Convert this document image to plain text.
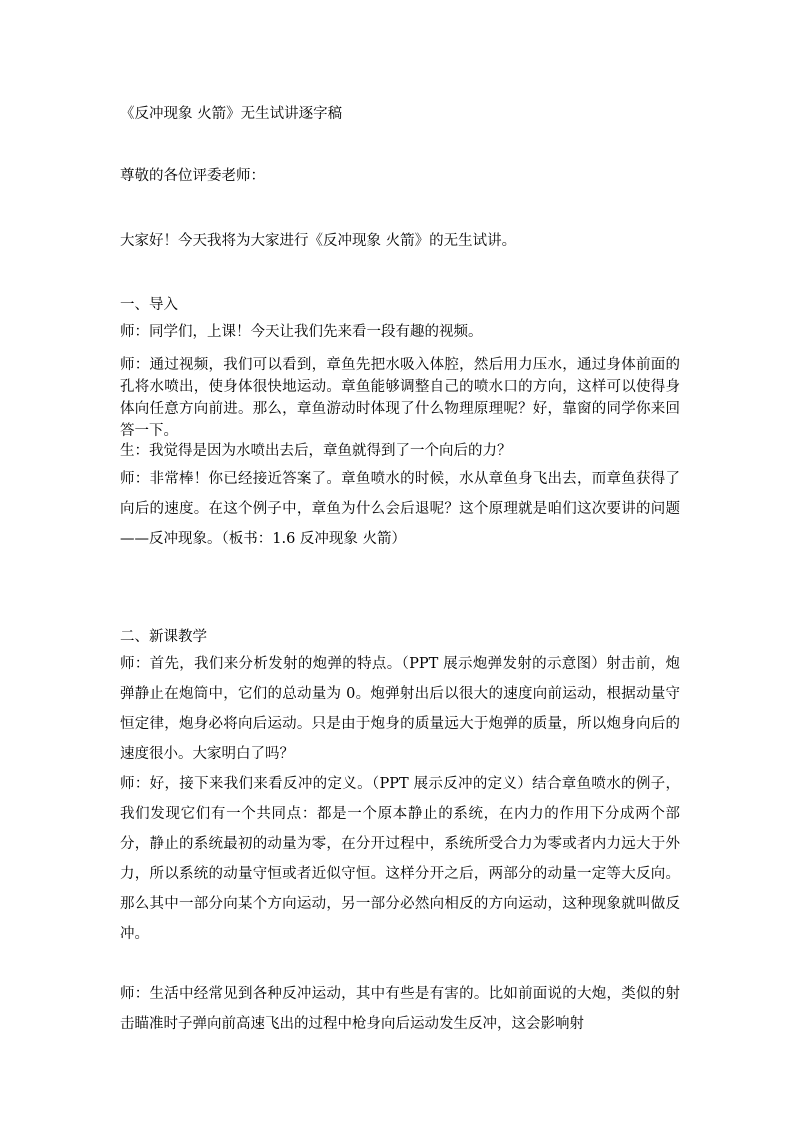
《反冲现象 火箭》无生试讲逐字稿
尊敬的各位评委老师：
大家好！今天我将为大家进行《反冲现象 火箭》的无生试讲。
一、导入
师：同学们，上课！今天让我们先来看一段有趣的视频。
师：通过视频，我们可以看到，章鱼先把水吸入体腔，然后用力压水，通过身体前面的孔将水喷出，使身体很快地运动。章鱼能够调整自己的喷水口的方向，这样可以使得身体向任意方向前进。那么，章鱼游动时体现了什么物理原理呢？好，靠窗的同学你来回答一下。
生：我觉得是因为水喷出去后，章鱼就得到了一个向后的力？
师：非常棒！你已经接近答案了。章鱼喷水的时候，水从章鱼身飞出去，而章鱼获得了向后的速度。在这个例子中，章鱼为什么会后退呢？这个原理就是咱们这次要讲的问题——反冲现象。（板书：1.6 反冲现象 火箭）
二、新课教学
师：首先，我们来分析发射的炮弹的特点。（PPT 展示炮弹发射的示意图）射击前，炮弹静止在炮筒中，它们的总动量为 0。炮弹射出后以很大的速度向前运动，根据动量守恒定律，炮身必将向后运动。只是由于炮身的质量远大于炮弹的质量，所以炮身向后的速度很小。大家明白了吗？
师：好，接下来我们来看反冲的定义。（PPT 展示反冲的定义）结合章鱼喷水的例子，我们发现它们有一个共同点：都是一个原本静止的系统，在内力的作用下分成两个部分，静止的系统最初的动量为零，在分开过程中，系统所受合力为零或者内力远大于外力，所以系统的动量守恒或者近似守恒。这样分开之后，两部分的动量一定等大反向。那么其中一部分向某个方向运动，另一部分必然向相反的方向运动，这种现象就叫做反冲。
师：生活中经常见到各种反冲运动，其中有些是有害的。比如前面说的大炮，类似的射击瞄准时子弹向前高速飞出的过程中枪身向后运动发生反冲，这会影响射
